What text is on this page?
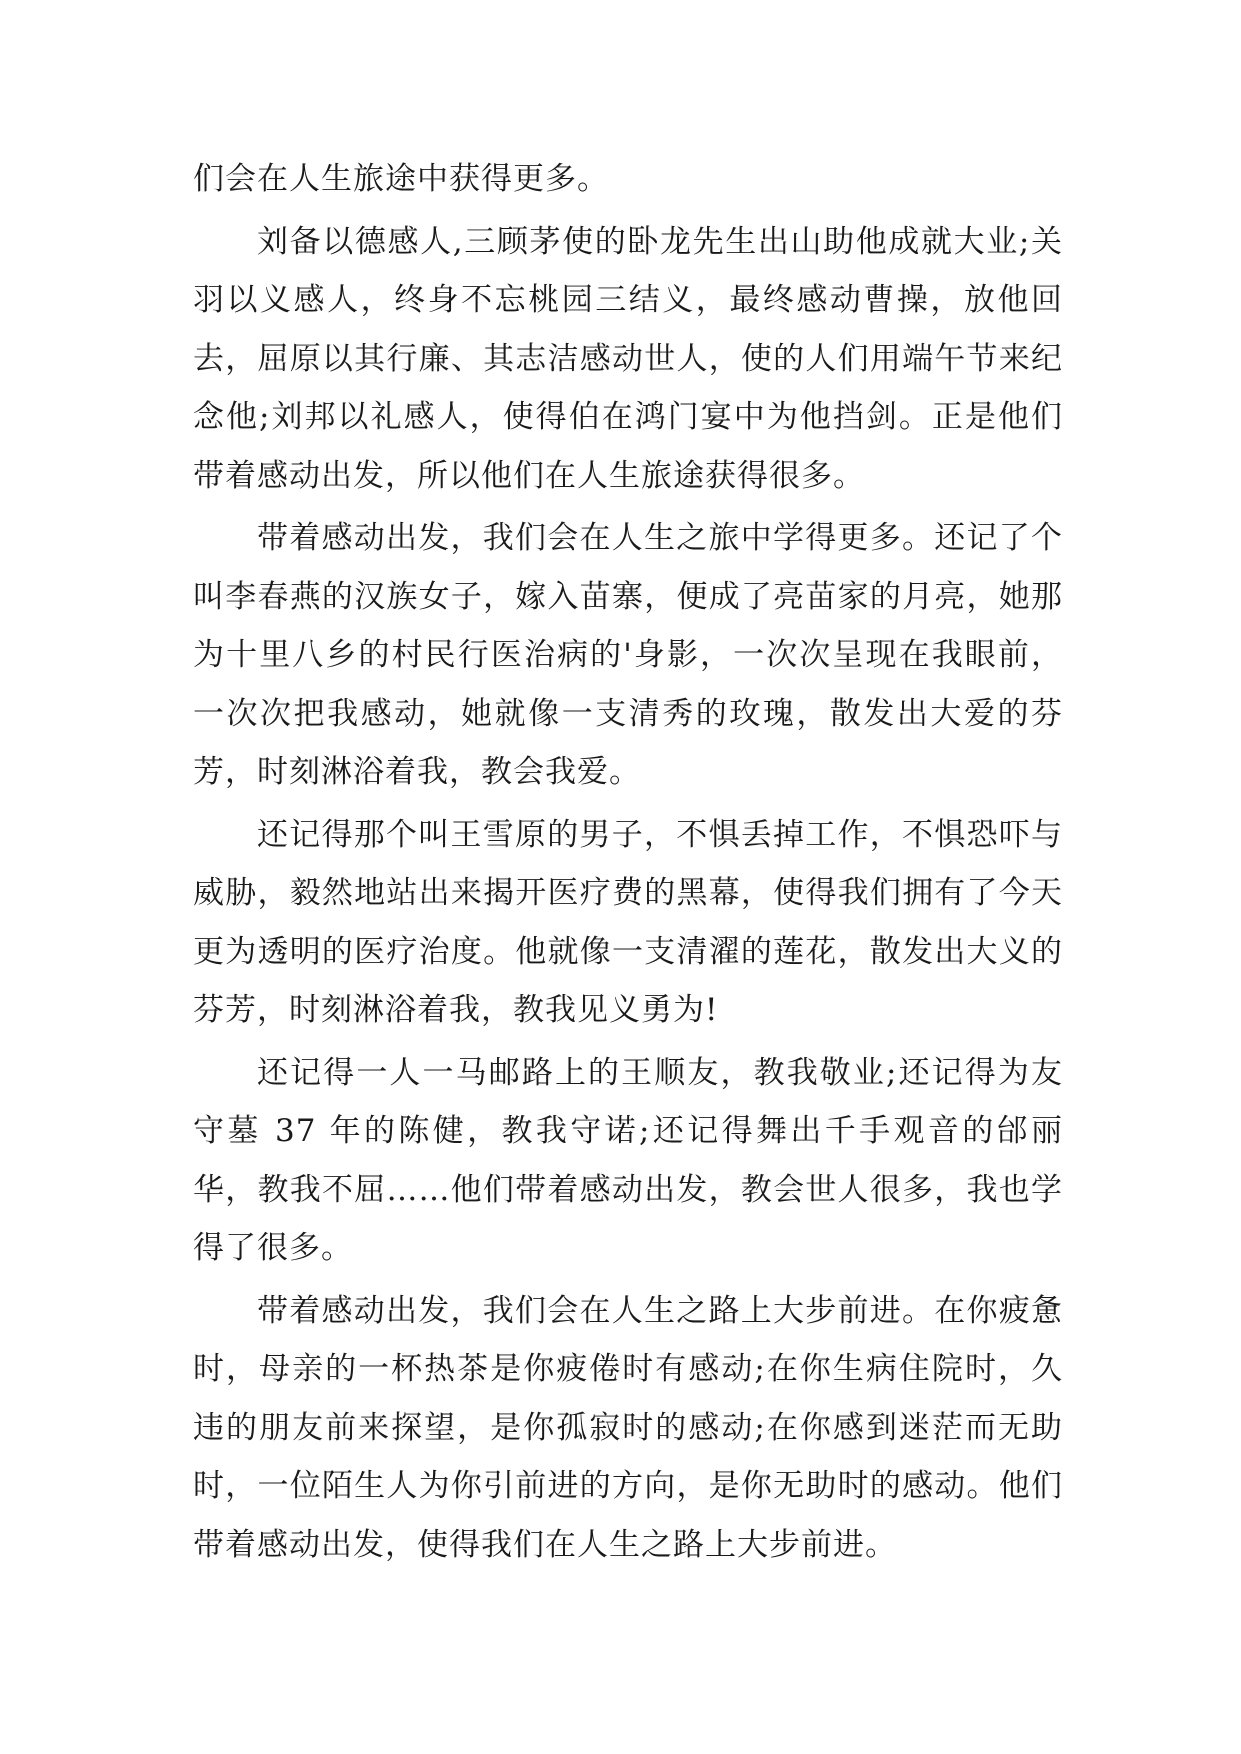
们会在人生旅途中获得更多。

刘备以德感人,三顾茅使的卧龙先生出山助他成就大业;关羽以义感人，终身不忘桃园三结义，最终感动曹操，放他回去，屈原以其行廉、其志洁感动世人，使的人们用端午节来纪念他;刘邦以礼感人，使得伯在鸿门宴中为他挡剑。正是他们带着感动出发，所以他们在人生旅途获得很多。

带着感动出发，我们会在人生之旅中学得更多。还记了个叫李春燕的汉族女子，嫁入苗寨，便成了亮苗家的月亮，她那为十里八乡的村民行医治病的'身影，一次次呈现在我眼前，一次次把我感动，她就像一支清秀的玫瑰，散发出大爱的芬芳，时刻淋浴着我，教会我爱。

还记得那个叫王雪原的男子，不惧丢掉工作，不惧恐吓与威胁，毅然地站出来揭开医疗费的黑幕，使得我们拥有了今天更为透明的医疗治度。他就像一支清濯的莲花，散发出大义的芬芳，时刻淋浴着我，教我见义勇为!

还记得一人一马邮路上的王顺友，教我敬业;还记得为友守墓 37 年的陈健，教我守诺;还记得舞出千手观音的邰丽华，教我不屈……他们带着感动出发，教会世人很多，我也学得了很多。

带着感动出发，我们会在人生之路上大步前进。在你疲惫时，母亲的一杯热茶是你疲倦时有感动;在你生病住院时，久违的朋友前来探望，是你孤寂时的感动;在你感到迷茫而无助时，一位陌生人为你引前进的方向，是你无助时的感动。他们带着感动出发，使得我们在人生之路上大步前进。
